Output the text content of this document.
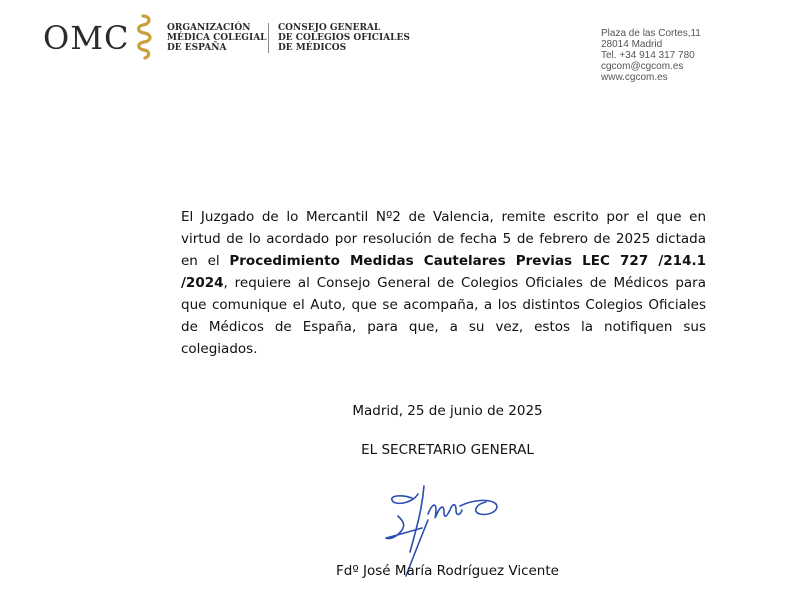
OMC	ORGANIZACIÓN
MÉDICA COLEGIAL
DE ESPAÑA
CONSEJO GENERAL
DE COLEGIOS OFICIALES
DE MÉDICOS
Plaza de las Cortes,11
28014 Madrid
Tel. +34 914 317 780
cgcom@cgcom.es
www.cgcom.es
El Juzgado de lo Mercantil Nº2 de Valencia, remite escrito por el que en virtud de lo acordado por resolución de fecha 5 de febrero de 2025 dictada en el Procedimiento Medidas Cautelares Previas LEC 727 /214.1 /2024, requiere al Consejo General de Colegios Oficiales de Médicos para que comunique el Auto, que se acompaña, a los distintos Colegios Oficiales de Médicos de España, para que, a su vez, estos la notifiquen sus colegiados.
Madrid, 25 de junio de 2025
EL SECRETARIO GENERAL
Fdº José María Rodríguez Vicente
